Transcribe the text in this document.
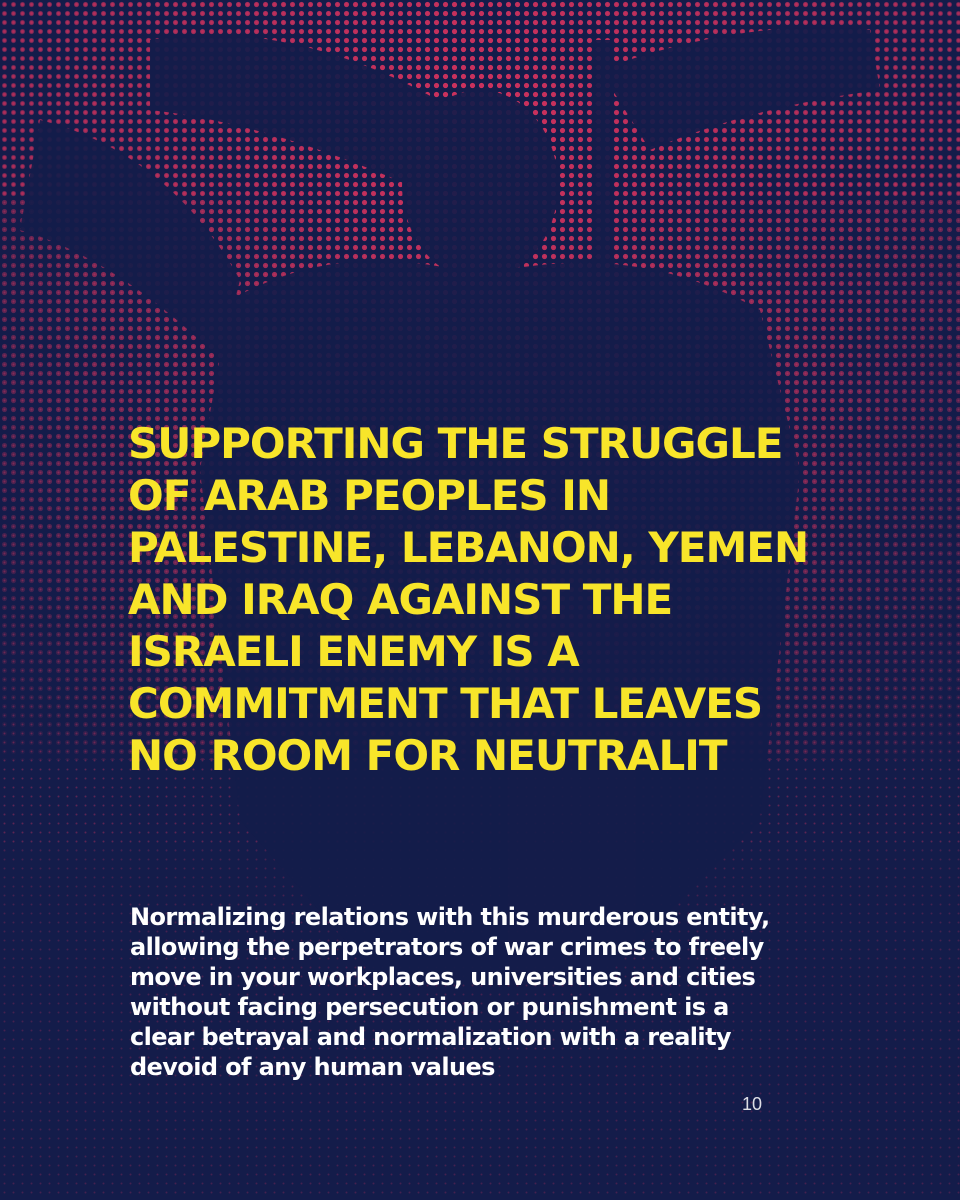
SUPPORTING THE STRUGGLE
OF ARAB PEOPLES IN
PALESTINE, LEBANON, YEMEN
AND IRAQ AGAINST THE
ISRAELI ENEMY IS A
COMMITMENT THAT LEAVES
NO ROOM FOR NEUTRALIT

Normalizing relations with this murderous entity,
allowing the perpetrators of war crimes to freely
move in your workplaces, universities and cities
without facing persecution or punishment is a
clear betrayal and normalization with a reality
devoid of any human values

10
